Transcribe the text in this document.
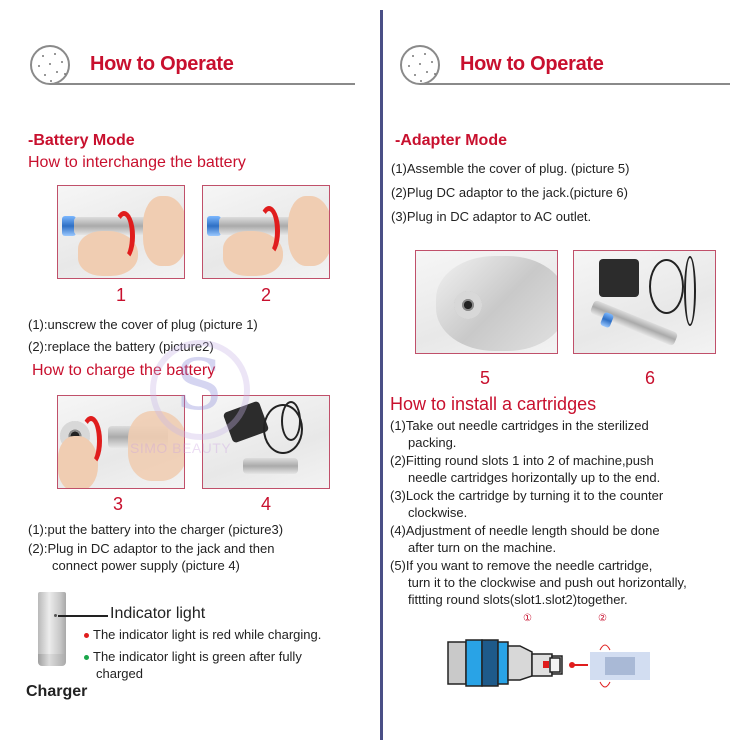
How to Operate
-Battery Mode
How to interchange the battery
1	2
(1):unscrew the cover of plug (picture 1)
(2):replace the battery (picture2)
How to charge the battery
3	4
S
SIMO BEAUTY
(1):put the battery into the charger (picture3)
(2):Plug in DC adaptor to the jack and then
connect power supply (picture 4)
Indicator light
The indicator light is red while charging.
The indicator light is green after fully
charged
Charger
How to Operate
-Adapter Mode
(1)Assemble the cover of plug. (picture 5)
(2)Plug DC adaptor to the jack.(picture 6)
(3)Plug in DC adaptor to AC outlet.
5	6
How to install a cartridges
(1)Take out needle cartridges in the sterilized
packing.
(2)Fitting round slots 1 into 2 of machine,push
needle cartridges horizontally up to the end.
(3)Lock the cartridge by turning it to the counter
clockwise.
(4)Adjustment of needle length should be done
after turn on the machine.
(5)If you want to remove the needle cartridge,
turn it to the clockwise and push out horizontally,
fittting round slots(slot1.slot2)together.
①	②
